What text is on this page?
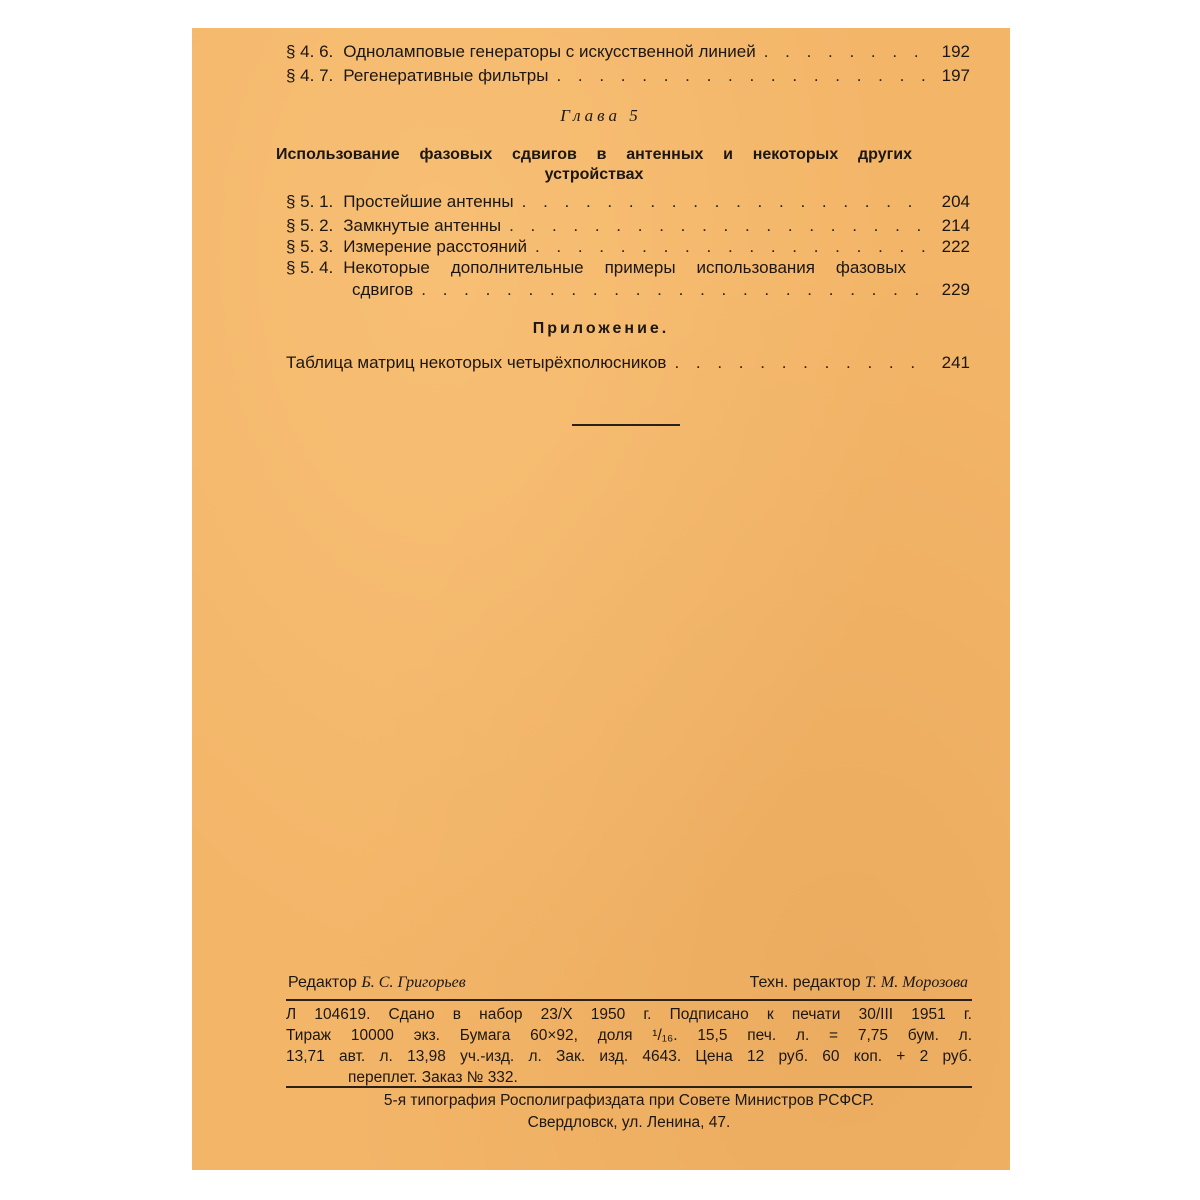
§ 4. 6. Одноламповые генераторы с искусственной линией . . .	192
§ 4. 7. Регенеративные фильтры . . .	197
Глава 5
Использование фазовых сдвигов в антенных и некоторых других
устройствах
§ 5. 1. Простейшие антенны . . .	204
§ 5. 2. Замкнутые антенны . . .	214
§ 5. 3. Измерение расстояний . . .	222
§ 5. 4. Некоторые дополнительные примеры использования фазовых
сдвигов . . .	229
Приложение.
Таблица матриц некоторых четырёхполюсников . . .	241
Редактор Б. С. Григорьев	Техн. редактор Т. М. Морозова
Л 104619. Сдано в набор 23/X 1950 г. Подписано к печати 30/III 1951 г.
Тираж 10000 экз. Бумага 60×92, доля ¹/₁₆. 15,5 печ. л. = 7,75 бум. л.
13,71 авт. л. 13,98 уч.-изд. л. Зак. изд. 4643. Цена 12 руб. 60 коп. + 2 руб.
переплет. Заказ № 332.
5-я типография Росполиграфиздата при Совете Министров РСФСР.
Свердловск, ул. Ленина, 47.
